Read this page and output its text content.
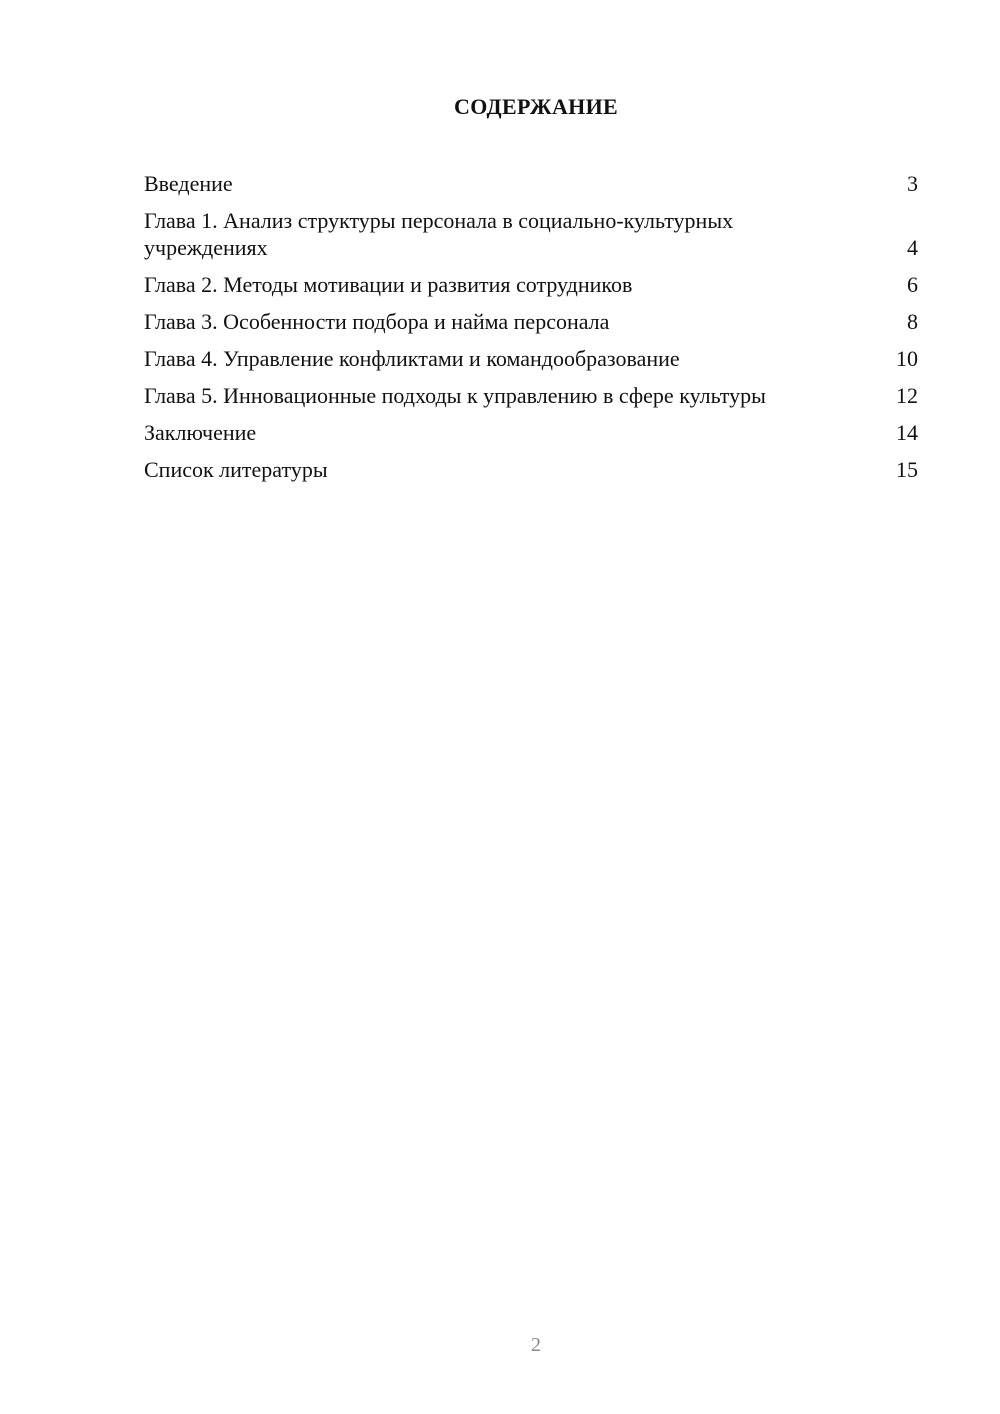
СОДЕРЖАНИЕ
Введение	3
Глава 1. Анализ структуры персонала в социально-культурных учреждениях	4
Глава 2. Методы мотивации и развития сотрудников	6
Глава 3. Особенности подбора и найма персонала	8
Глава 4. Управление конфликтами и командообразование	10
Глава 5. Инновационные подходы к управлению в сфере культуры	12
Заключение	14
Список литературы	15
2
